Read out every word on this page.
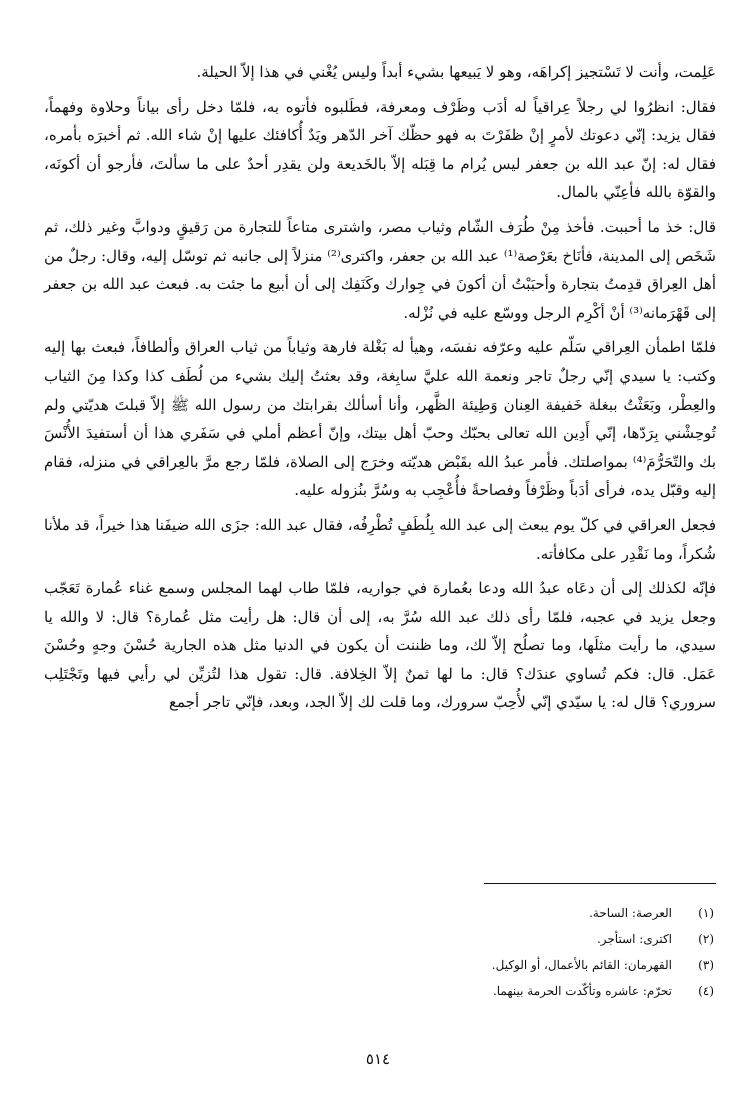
عَلِمت، وأنت لا تَسْتجيز إكراهَه، وهو لا يَبيعها بشيء أبداً وليس يُغْني في هذا إلاّ الحيلة.

فقال: انظرُوا لي رجلاً عِراقياً له أدَب وظَرْف ومعرفة، فطَلبوه فأتوه به، فلمّا دخل رأى بياناً وحلاوة وفهماً، فقال يزيد: إنّي دعوتك لأمرٍ إنْ ظفَرْتَ به فهو حظّك آخر الدّهر ويَدٌ أُكافئك عليها إنْ شاء الله. ثم أخبرَه بأمره، فقال له: إنّ عبد الله بن جعفر ليس يُرام ما قِبَله إلاّ بالخَديعة ولن يقدِر أحدٌ على ما سألتَ، فأرجو أن أكونَه، والقوّة بالله فأعِنّي بالمال.

قال: خذ ما أحببت. فأخذ مِنْ طُرَف الشّام وثياب مصر، واشترى متاعاً للتجارة من رَقيقٍ ودوابَّ وغير ذلك، ثم شَخَص إلى المدينة، فأنَاخ بعَرْصة⁽¹⁾ عبد الله بن جعفر، واكترى⁽²⁾ منزلاً إلى جانبه ثم توسّل إليه، وقال: رجلٌ من أهل العِراق قدِمتُ بتجارة وأحبَبْتُ أن أكونَ في جِوارك وكَنَفِك إلى أن أبيع ما جئت به. فبعث عبد الله بن جعفر إلى قَهْرَمانه⁽³⁾ أنْ أكْرِم الرجل ووسّع عليه في نُزْله.

فلمّا اطمأن العِراقي سَلّم عليه وعرّفه نفسَه، وهيأ له بَغْلة فارهة وثياباً من ثياب العراق وألطافاً، فبعث بها إليه وكتب: يا سيدي إنّي رجلٌ تاجر ونعمة الله عليَّ سابِغة، وقد بعثتُ إليك بشيء من لُطَف كذا وكذا مِنَ الثياب والعِطْر، وبَعَثْتُ ببغلة خَفيفة العِنان وَطِيئة الظَّهر، وأنا أسألك بقرابتك من رسول الله ﷺ إلاّ قبلتَ هديّتي ولم تُوحِشْني بِرَدّها، إنّي أَدِين الله تعالى بحبّك وحبّ أهل بيتك، وإنّ أعظم أملي في سَفَري هذا أن أستفيدَ الأُنْسَ بك والتّحَرُّمَ⁽⁴⁾ بمواصلتك. فأمر عبدُ الله بقَبْض هديّته وخرَج إلى الصلاة، فلمّا رجع مرَّ بالعِراقي في منزله، فقام إليه وقبّل يده، فرأى أدَباً وظَرْفاً وفصاحةً فأُعْجِب به وسُرَّ بنُزوله عليه.

فجعل العراقي في كلّ يوم يبعث إلى عبد الله بِلُطَفٍ تُطْرِفُه، فقال عبد الله: جزَى الله ضيفَنا هذا خيراً، قد ملأنا شُكراً، وما نَقْدِر على مكافأته.

فإنّه لكذلك إلى أن دعَاه عبدُ الله ودعا بعُمارة في جواريه، فلمّا طاب لهما المجلس وسمع غناء عُمارة تَعَجّب وجعل يزيد في عجبه، فلمّا رأى ذلك عبد الله سُرَّ به، إلى أن قال: هل رأيت مثل عُمارة؟ قال: لا والله يا سيدي، ما رأيت مثلَها، وما تصلُح إلاّ لك، وما ظننت أن يكون في الدنيا مثل هذه الجارية حُسْنَ وجهٍ وحُسْنَ عَمَل. قال: فكم تُساوي عندَك؟ قال: ما لها ثمنٌ إلاّ الخِلافة. قال: تقول هذا لتُزيِّن لي رأيي فيها وتَجْتَلِب سروري؟ قال له: يا سيّدي إنّي لأُحِبّ سرورك، وما قلت لك إلاّ الجد، وبعد، فإنّي تاجر أجمع

(١)
العرصة: الساحة.
(٢)
اكترى: استأجر.
(٣)
القهرمان: القائم بالأعمال، أو الوكيل.
(٤)
تحرّم: عاشره وتأكّدت الحرمة بينهما.
٥١٤
